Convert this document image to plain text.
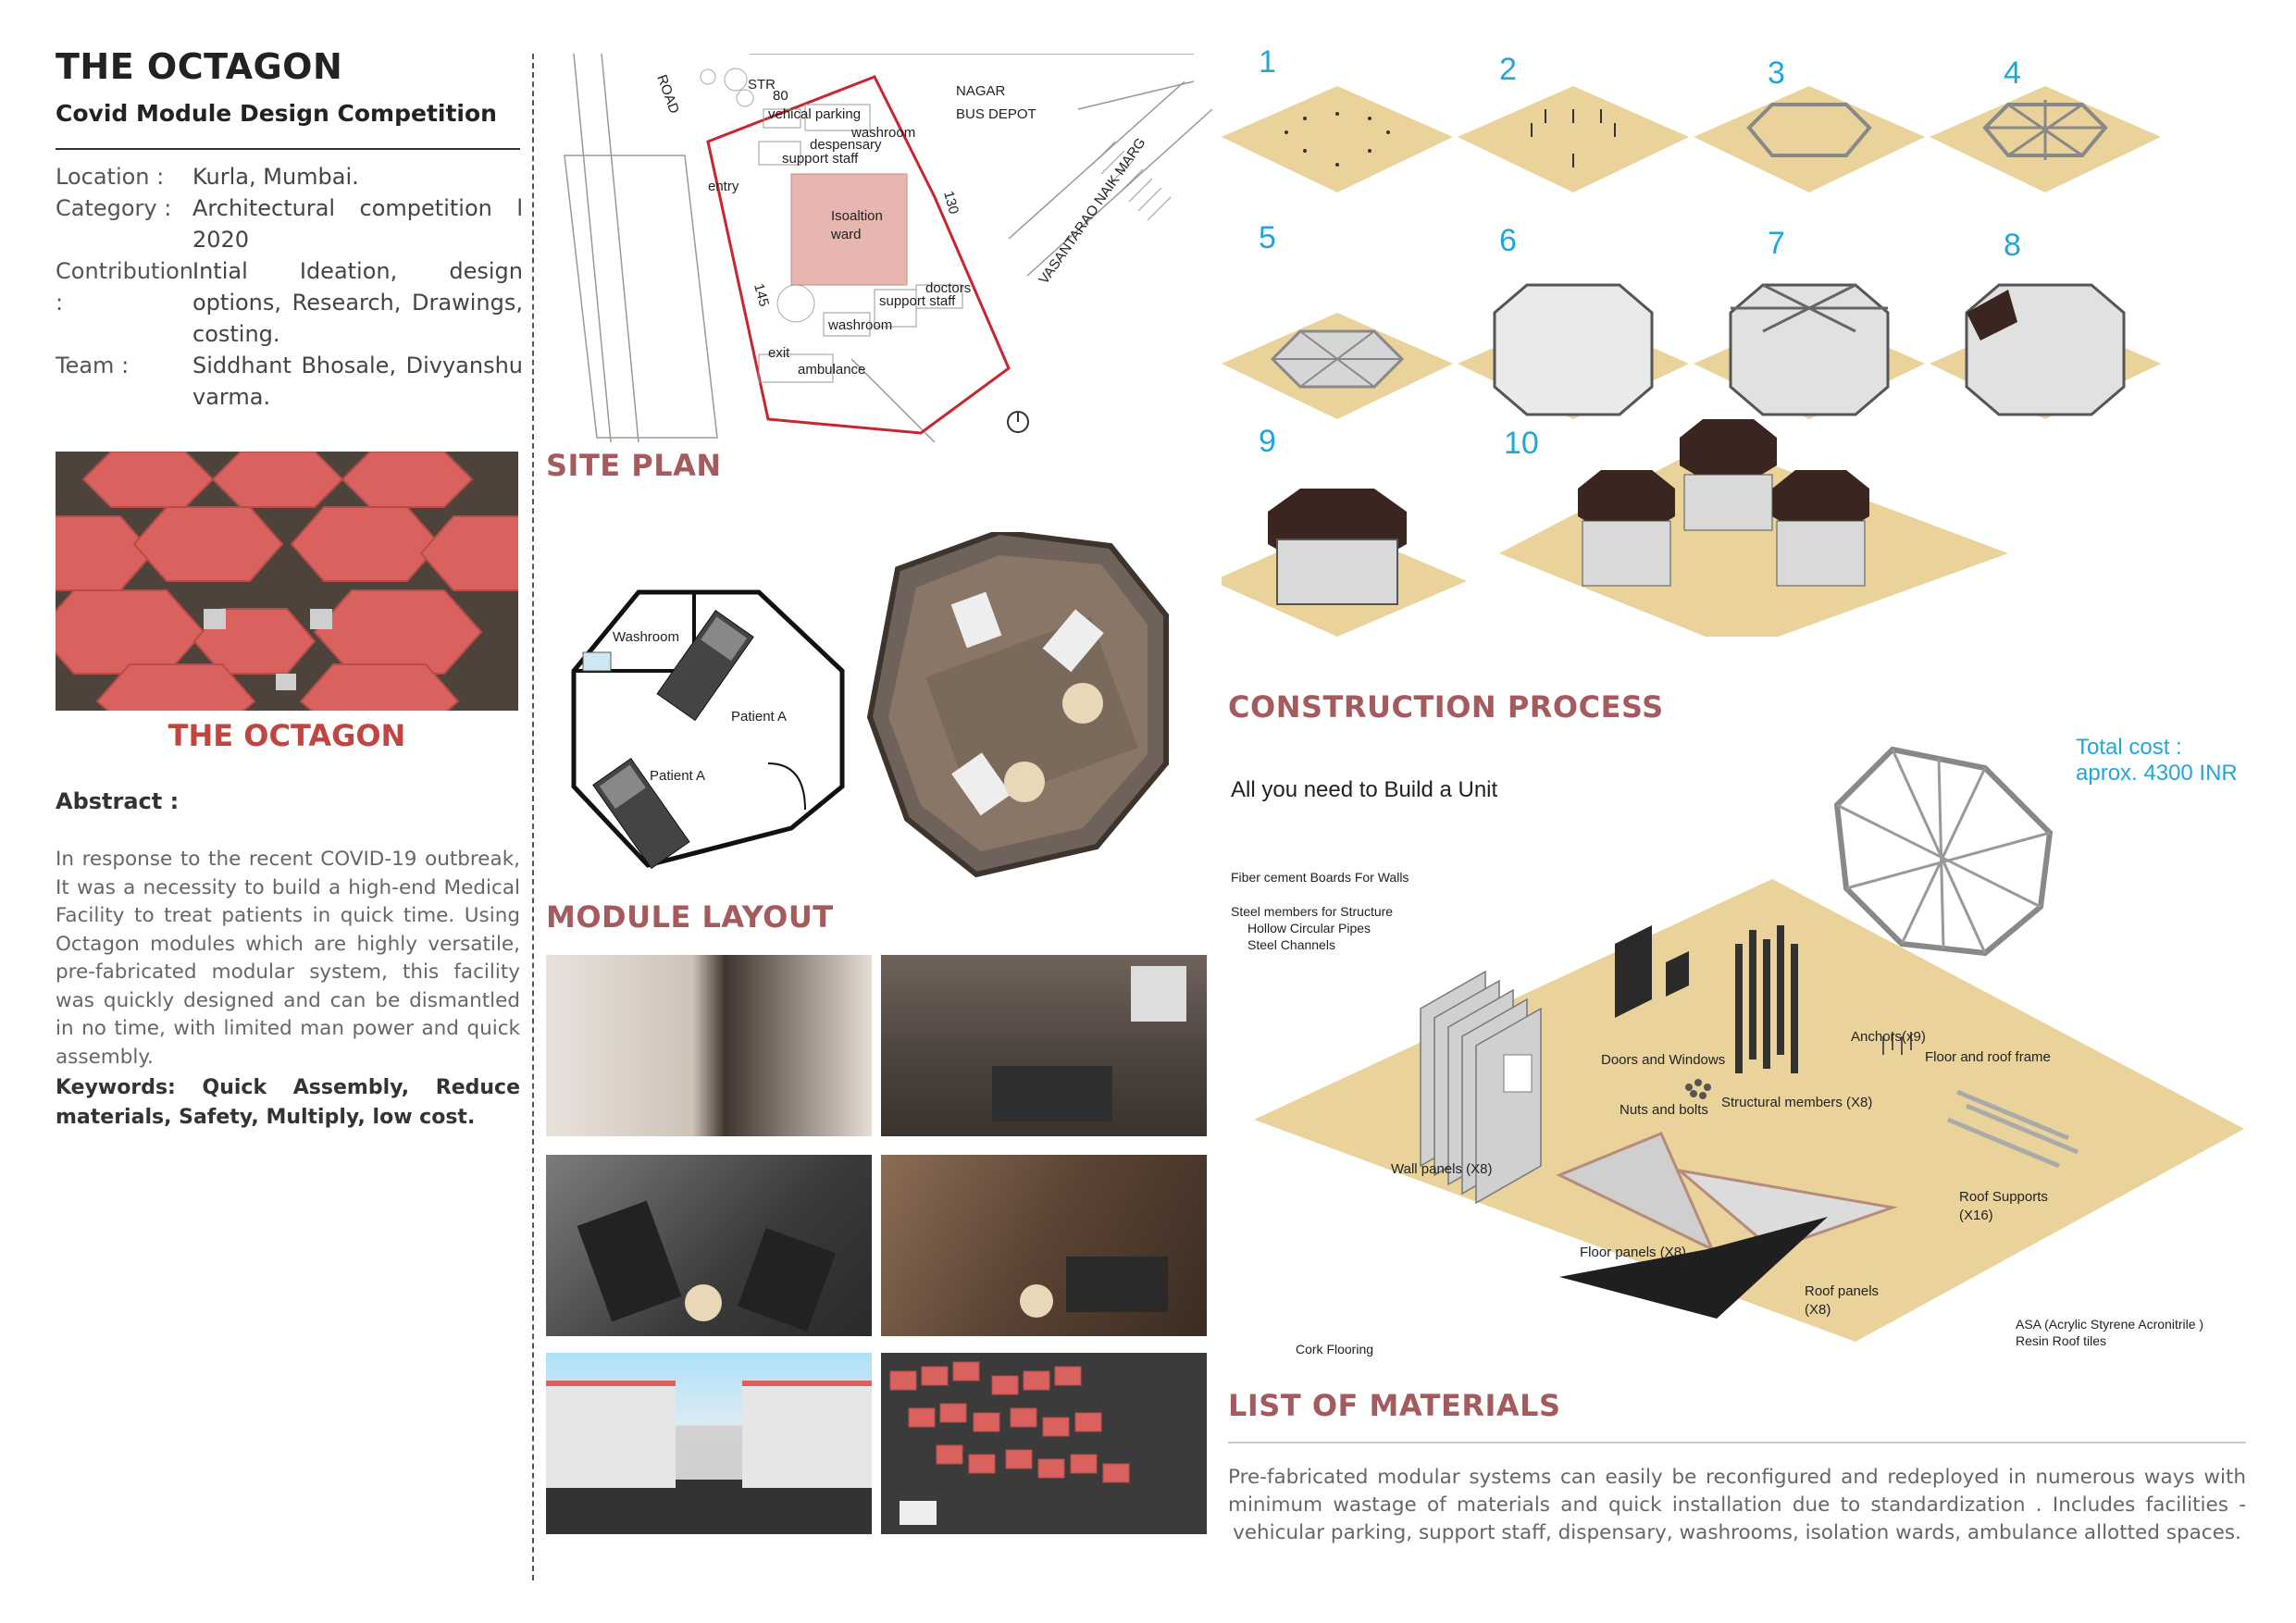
THE OCTAGON
Covid Module Design Competition
Location :	Kurla, Mumbai.
Category : Architectural competition l 2020
Contribution :
Intial Ideation, design options, Research, Drawings, costing.
Team :	Siddhant Bhosale, Divyanshu varma.
THE OCTAGON
Abstract :
In response to the recent COVID-19 outbreak, It was a necessity to build a high-end Medical Facility to treat patients in quick time. Using Octagon modules which are highly versatile, pre-fabricated modular system, this facility was quickly designed and can be dismantled in no time, with limited man power and quick assembly.
Keywords: Quick Assembly, Reduce materials, Safety, Multiply, low cost.
ROAD	STR	NAGAR BUS DEPOT
VASANTARAO NAIK MARG
vehical parking
washroom
despensary
support staff
entry
Isoaltion ward
130
145
80
doctors
support staff
washroom
exit
ambulance
SITE PLAN
Washroom
Patient A
Patient A
MODULE LAYOUT
1	2	3	4
5	6	7	8
9	10
CONSTRUCTION PROCESS
All you need to Build a Unit
Total cost :
aprox. 4300 INR
Doors and Windows
Anchors(x9)
Floor and roof frame
Nuts and bolts Structural members (X8)
Wall panels (X8)
Roof Supports
(X16)
Floor panels (X8)
Roof panels
(X8)
Fiber cement Boards For Walls
Steel members for Structure
Hollow Circular Pipes
Steel Channels
Cork Flooring
ASA (Acrylic Styrene Acronitrile )
Resin Roof tiles
LIST OF MATERIALS
Pre-fabricated modular systems can easily be reconfigured and redeployed in numerous ways with minimum wastage of materials and quick installation due to standardization . Includes facilities - vehicular parking, support staff, dispensary, washrooms, isolation wards, ambulance allotted spaces.
